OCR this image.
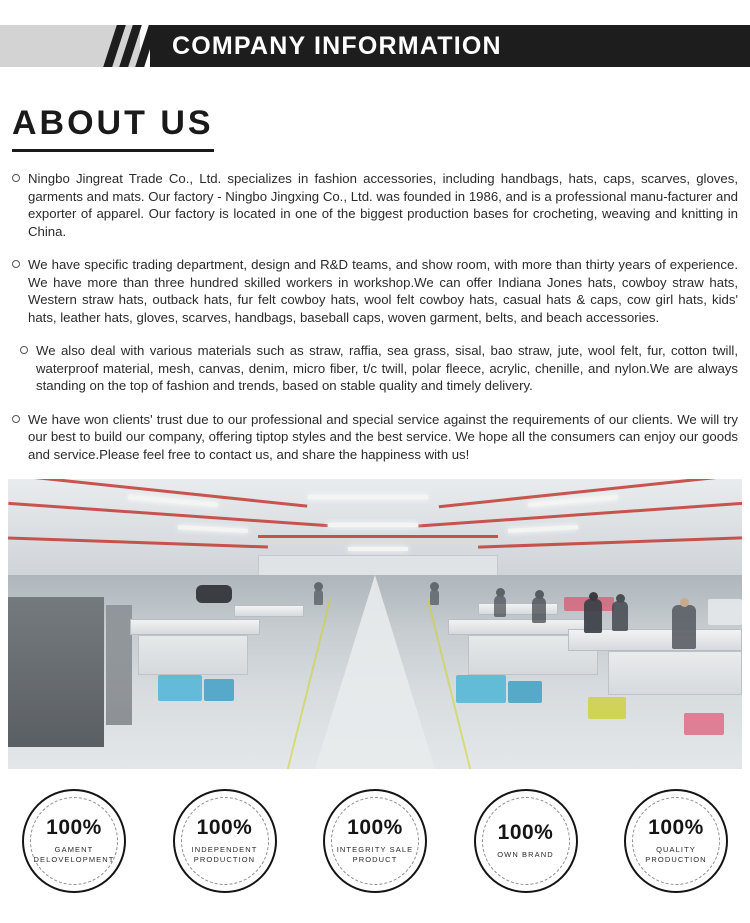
COMPANY INFORMATION
ABOUT US

Ningbo Jingreat Trade Co., Ltd. specializes in fashion accessories, including handbags, hats, caps, scarves, gloves, garments and mats. Our factory - Ningbo Jingxing Co., Ltd. was founded in 1986, and is a professional manu-facturer and exporter of apparel. Our factory is located in one of the biggest production bases for crocheting, weaving and knitting in China.

We have specific trading department, design and R&D teams, and show room, with more than thirty years of experience. We have more than three hundred skilled workers in workshop.We can offer Indiana Jones hats, cowboy straw hats, Western straw hats, outback hats, fur felt cowboy hats, wool felt cowboy hats, casual hats & caps, cow girl hats, kids' hats, leather hats, gloves, scarves, handbags, baseball caps, woven garment, belts, and beach accessories.

We also deal with various materials such as straw, raffia, sea grass, sisal, bao straw, jute, wool felt, fur, cotton twill, waterproof material, mesh, canvas, denim, micro fiber, t/c twill, polar fleece, acrylic, chenille, and nylon.We are always standing on the top of fashion and trends, based on stable quality and timely delivery.

We have won clients' trust due to our professional and special service against the requirements of our clients. We will try our best to build our company, offering tiptop styles and the best service. We hope all the consumers can enjoy our goods and service.Please feel free to contact us, and share the happiness with us!

100%
GAMENT DELOVELOPMENT
100%
INDEPENDENT PRODUCTION
100%
INTEGRITY SALE PRODUCT
100%
OWN BRAND
100%
QUALITY PRODUCTION
